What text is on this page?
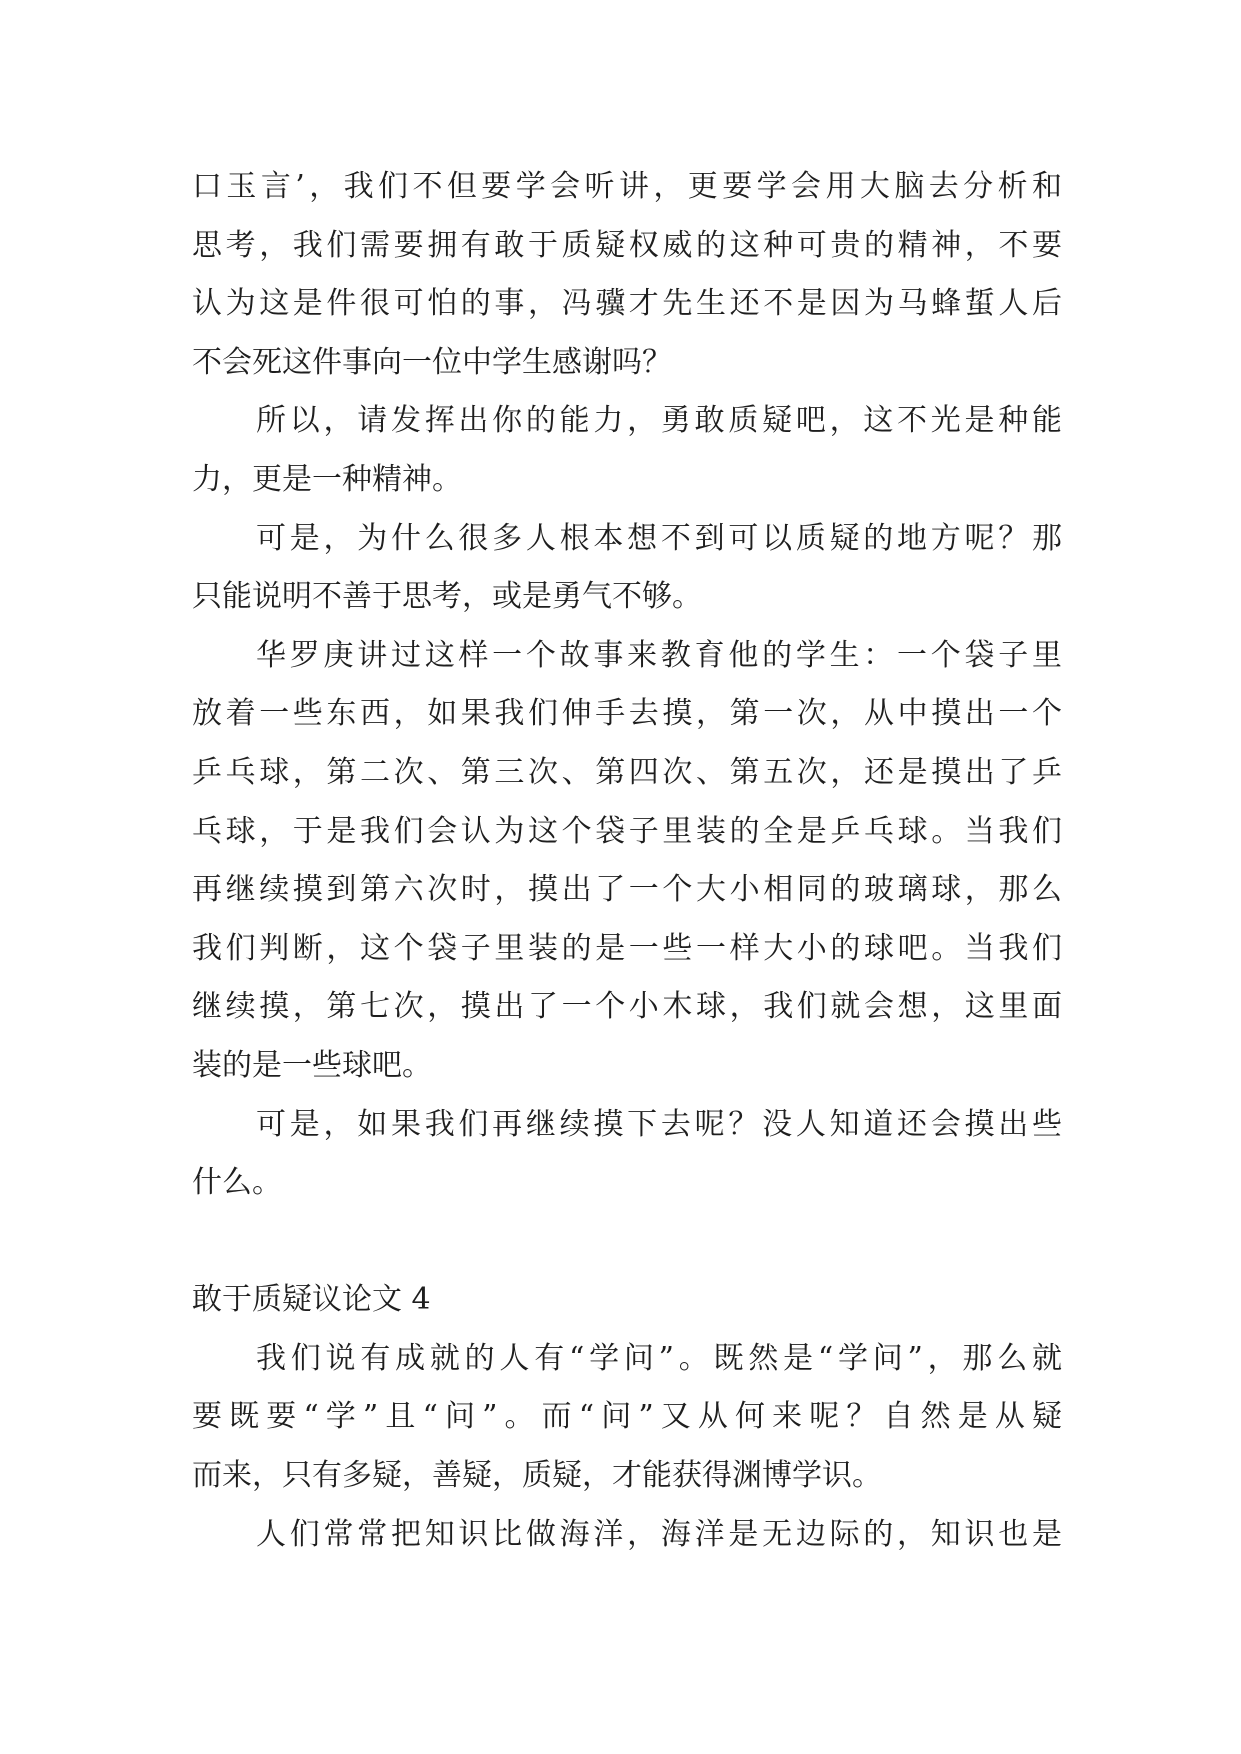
口玉言’，我们不但要学会听讲，更要学会用大脑去分析和
思考，我们需要拥有敢于质疑权威的这种可贵的精神，不要
认为这是件很可怕的事，冯骥才先生还不是因为马蜂蜇人后
不会死这件事向一位中学生感谢吗？
所以，请发挥出你的能力，勇敢质疑吧，这不光是种能
力，更是一种精神。
可是，为什么很多人根本想不到可以质疑的地方呢？那
只能说明不善于思考，或是勇气不够。
华罗庚讲过这样一个故事来教育他的学生：一个袋子里
放着一些东西，如果我们伸手去摸，第一次，从中摸出一个
乒乓球，第二次、第三次、第四次、第五次，还是摸出了乒
乓球，于是我们会认为这个袋子里装的全是乒乓球。当我们
再继续摸到第六次时，摸出了一个大小相同的玻璃球，那么
我们判断，这个袋子里装的是一些一样大小的球吧。当我们
继续摸，第七次，摸出了一个小木球，我们就会想，这里面
装的是一些球吧。
可是，如果我们再继续摸下去呢？没人知道还会摸出些
什么。
敢于质疑议论文 4
我们说有成就的人有“学问”。既然是“学问”，那么就
要既要“学”且“问”。而“问”又从何来呢？自然是从疑
而来，只有多疑，善疑，质疑，才能获得渊博学识。
人们常常把知识比做海洋，海洋是无边际的，知识也是
